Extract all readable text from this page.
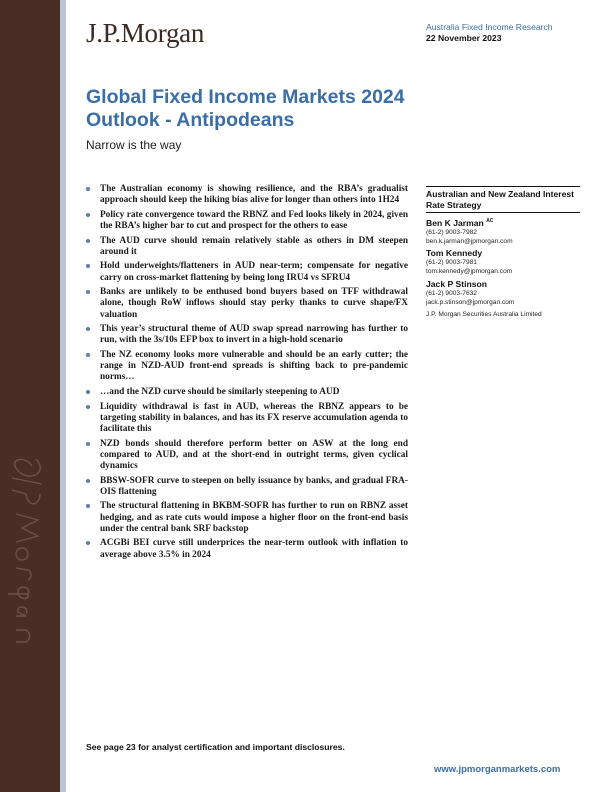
J.P.Morgan	Australia Fixed Income Research
22 November 2023
Global Fixed Income Markets 2024 Outlook - Antipodeans
Narrow is the way
The Australian economy is showing resilience, and the RBA’s gradualist approach should keep the hiking bias alive for longer than others into 1H24
Policy rate convergence toward the RBNZ and Fed looks likely in 2024, given the RBA’s higher bar to cut and prospect for the others to ease
The AUD curve should remain relatively stable as others in DM steepen around it
Hold underweights/flatteners in AUD near-term; compensate for negative carry on cross-market flattening by being long IRU4 vs SFRU4
Banks are unlikely to be enthused bond buyers based on TFF withdrawal alone, though RoW inflows should stay perky thanks to curve shape/FX valuation
This year’s structural theme of AUD swap spread narrowing has further to run, with the 3s/10s EFP box to invert in a high-hold scenario
The NZ economy looks more vulnerable and should be an early cutter; the range in NZD-AUD front-end spreads is shifting back to pre-pandemic norms…
…and the NZD curve should be similarly steepening to AUD
Liquidity withdrawal is fast in AUD, whereas the RBNZ appears to be targeting stability in balances, and has its FX reserve accumulation agenda to facilitate this
NZD bonds should therefore perform better on ASW at the long end compared to AUD, and at the short-end in outright terms, given cyclical dynamics
BBSW-SOFR curve to steepen on belly issuance by banks, and gradual FRA-OIS flattening
The structural flattening in BKBM-SOFR has further to run on RBNZ asset hedging, and as rate cuts would impose a higher floor on the front-end basis under the central bank SRF backstop
ACGBi BEI curve still underprices the near-term outlook with inflation to average above 3.5% in 2024
Australian and New Zealand Interest Rate Strategy
Ben K Jarman $^{AC}$
(61-2) 9003-7982
ben.k.jarman@jpmorgan.com
Tom Kennedy
(61-2) 9003-7981
tom.kennedy@jpmorgan.com
Jack P Stinson
(61-2) 9003-7632
jack.p.stinson@jpmorgan.com
J.P. Morgan Securities Australia Limited
See page 23 for analyst certification and important disclosures.
www.jpmorganmarkets.com
